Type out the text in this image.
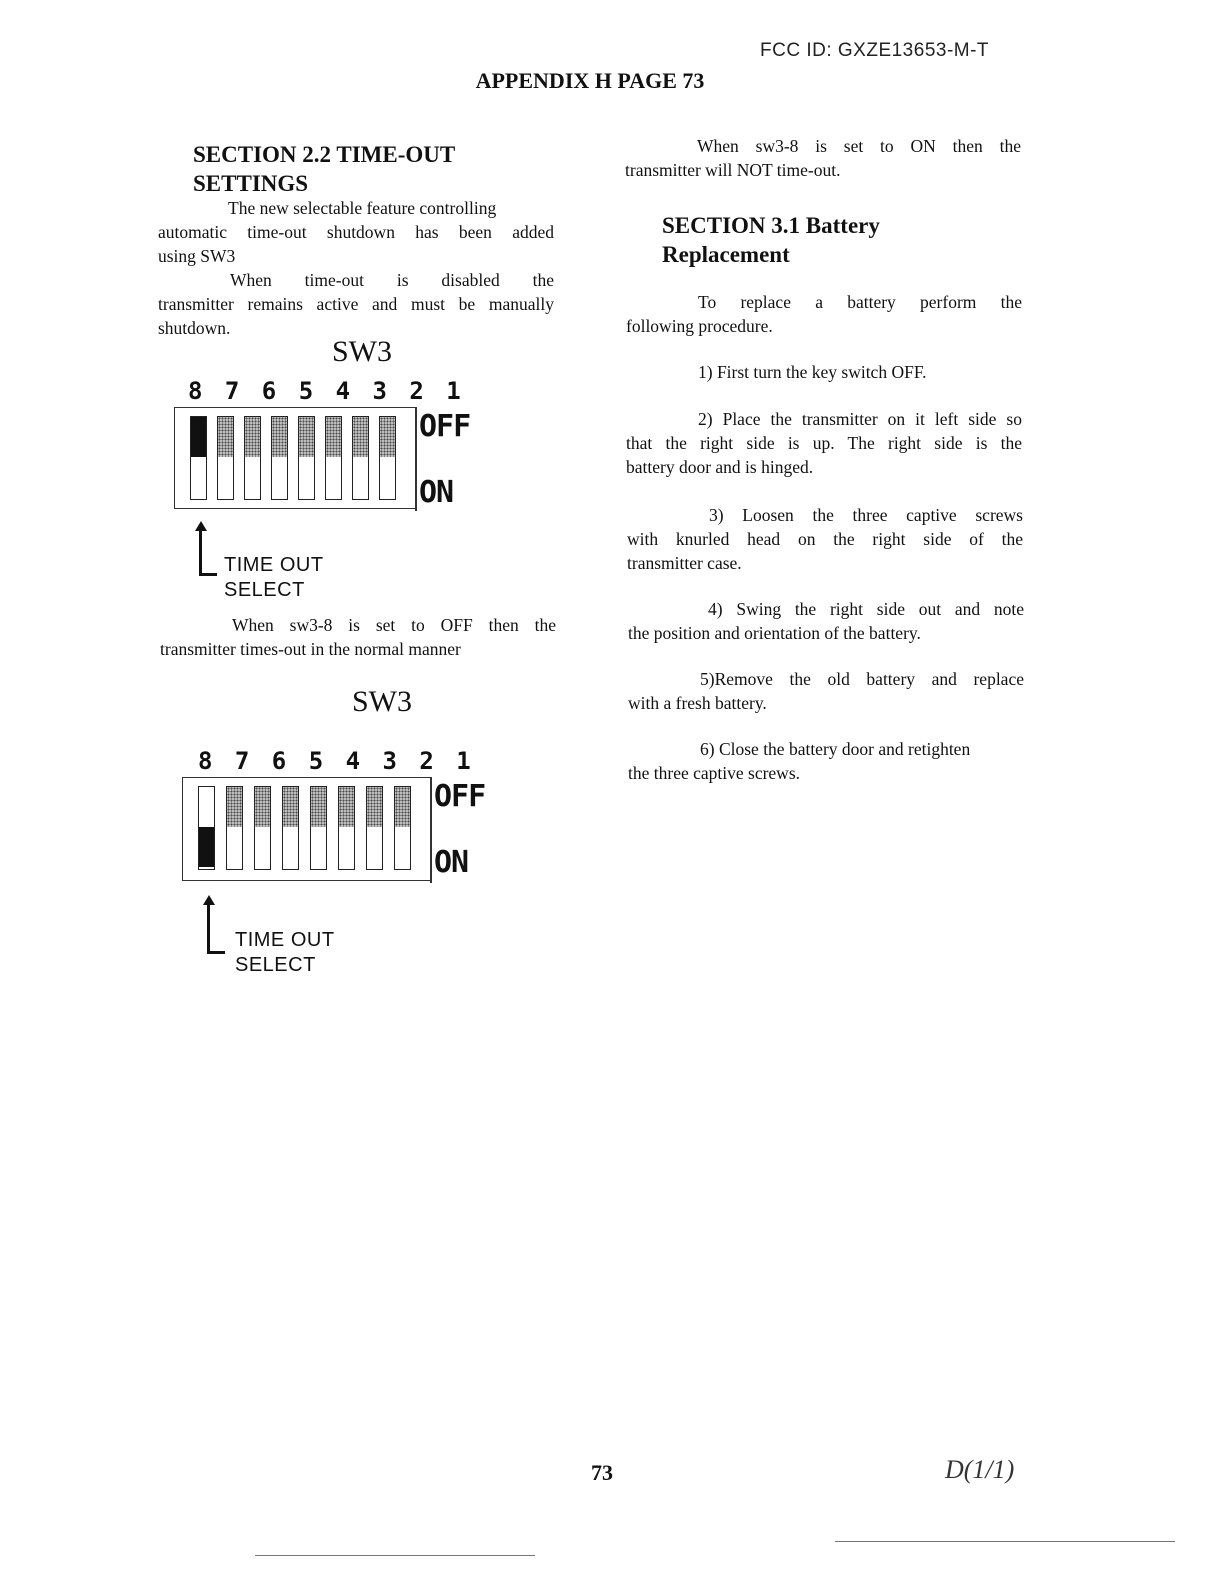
FCC ID: GXZE13653-M-T
APPENDIX H PAGE 73
SECTION 2.2 TIME-OUT
SETTINGS
The new selectable feature controlling
automatic time-out shutdown has been added
using SW3
When time-out is disabled the
transmitter remains active and must be manually
shutdown.
SW3
8 7 6 5 4 3 2 1
OFF
ON
TIME OUT
SELECT
When sw3-8 is set to OFF then the
transmitter times-out in the normal manner
SW3
8 7 6 5 4 3 2 1
OFF
ON
TIME OUT
SELECT
When sw3-8 is set to ON then the
transmitter will NOT time-out.
SECTION 3.1 Battery
Replacement
To replace a battery perform the
following procedure.
1) First turn the key switch OFF.
2) Place the transmitter on it left side so
that the right side is up. The right side is the
battery door and is hinged.
3) Loosen the three captive screws
with knurled head on the right side of the
transmitter case.
4) Swing the right side out and note
the position and orientation of the battery.
5)Remove the old battery and replace
with a fresh battery.
6) Close the battery door and retighten
the three captive screws.
73	D(1/1)
